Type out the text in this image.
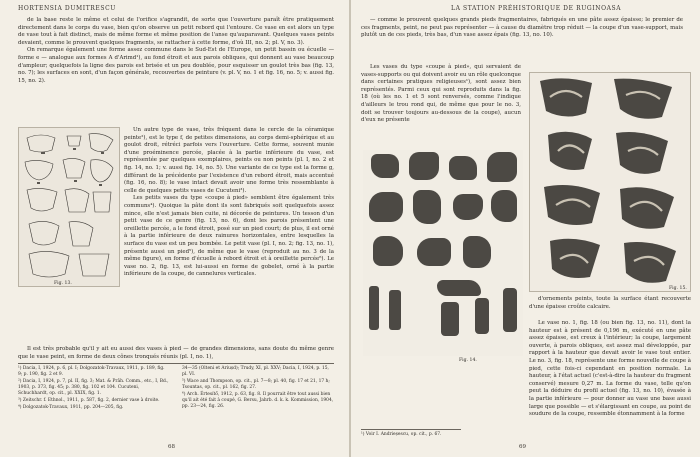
HORTENSIA DUMITRESCU

de la base reste le même et celui de l'orifice s'agrandit, de sorte que l'ouverture paraît être pratiquement directement dans le corps du vase, bien qu'on observe un petit rebord qui l'entoure. Ce vase en est alors un type de vase tout à fait distinct, mais de même forme et même position de l'anse qu'auparavant. Quelques vases peints devaient, comme le prouvent quelques fragments, se rattacher à cette forme, d'où III, no. 2; pl. V, no. 3).

On remarque également une forme assez commune dans le Sud-Est de l'Europe, un petit bassin ou écuelle — forme e — analogue aux formes A d'Arimd¹), au fond étroit et aux parois obliques, qui donnent au vase beaucoup d'ampleur; quelquefois la ligne des parois est brisée et un peu doublée, pour esquisser un goulot très bas (fig. 13, no. 7); les surfaces en sont, d'un façon générale, recouvertes de peinture (v. pl. V, no. 1 et fig. 16, no. 5; v. aussi fig. 15, no. 2).

Fig. 13.

Un autre type de vase, très fréquent dans le cercle de la céramique peinte²), est le type f, de petites dimensions, au corps demi-sphérique et au goulot droit, rétréci parfois vers l'ouverture. Cette forme, souvent munie d'une proéminence percée, placée à la partie inférieure du vase, est représentée par quelques exemplaires, peints ou non peints (pl. I, no. 2 et fig. 14, no. 1; v. aussi fig. 14, no. 5). Une variante de ce type est la forme g, différant de la précédente par l'existence d'un rebord étroit, mais accentué (fig. 16, no. 8); le vase intact devait avoir une forme très ressemblante à celle de quelques petits vases de Cucuteni³).

Les petits vases du type «coupe à pied» semblent être également très communs⁴). Quoique la pâte dont ils sont fabriqués soit quelquefois assez mince, elle n'est jamais bien cuite, ni décorée de peintures. Un tesson d'un petit vase de ce genre (fig. 13, no. 6), dont les parois présentent une oreillette percée, a le fond étroit, posé sur un pied court; de plus, il est orné à la partie inférieure de deux rainures horizontales, entre lesquelles la surface du vase est un peu bombée. Le petit vase (pl. I, no. 2; fig. 13, no. 1), présente aussi un pied⁵), de même que le vase (reproduit au no. 3 de la même figure), en forme d'écuelle à rebord étroit et à oreillette percée⁶). Le vase no. 2, fig. 13, est lui-aussi en forme de gobelet, orné à la partie inférieure de la coupe, de cannelures verticales.

Il est très probable qu'il y ait eu aussi des vases à pied — de grandes dimensions, sans doute du même genre que le vase peint, en forme de deux cônes tronqués réunis (pl. I, no. 1),

¹) Dacia, I, 1924, p. 6, pl. I; Dolgozatok-Travaux, 1911, p. 189, fig. 9; p. 190, fig. 2 et 9.

²) Dacia, I, 1924, p. 7, pl. II, fig. 3; Mat. & Prâh. Comm., etc., I, Bd., 1903, p. 373, fig. 45; p. 380, fig. 102 et 104. Cucuteni, Schuchhardt, op. cit., pl. XXIX, fig. 1.

³) Zeitschr. f. Ethnol., 1911, p. 587, fig. 2, dernier vase à droite.

⁴) Dolgozatok-Travaux, 1911, pp. 204—205, fig.

34—35 (Olteni et Ariușd); Trudy, XI, pl. XXV; Dacia, I, 1924, p. 15, pl. VI.

⁵) Wace and Thompson, op. cit., pl. 7—8; pl. 40, fig. 17 et 21, 17 h; Tsountas, op. cit., pl. 162, fig. 27.

⁶) Arch. Értesítő, 1912, p. 63, fig. 8. Il pourrait être tout aussi bien qu'il ait été fait à coupé, G. Bersu, Jahrb. d. k. k. Kommission, 1904, pp. 23—24, fig. 26.

68
LA STATION PRÉHISTORIQUE DE RUGINOASA

— comme le prouvent quelques grands pieds fragmentaires, fabriqués en une pâte assez épaisse; le premier de ces fragments, peint, ne peut pas représenter — à cause du diamètre trop réduit — la coupe d'un vase-support, mais plutôt un de ces pieds, très bas, d'un vase assez épais (fig. 13, no. 10).

Les vases du type «coupe à pied», qui servaient de vases-supports ou qui doivent avoir eu un rôle quelconque dans certaines pratiques religieuses¹), sont assez bien représentés. Parmi ceux qui sont reproduits dans la fig. 18 (où les no. 1 et 5 sont renversés, comme l'indique d'ailleurs le trou rond qui, de même que pour le no. 3, doit se trouver toujours au-dessous de la coupe), aucun d'eux ne présente

Fig. 15.
Fig. 14.

d'ornements peints, toute la surface étant recouverte d'une épaisse croûte calcaire.

Le vase no. 1, fig. 18 (ou bien fig. 13, no. 11), dont la hauteur est à présent de 0,196 m, exécuté en une pâte assez épaisse, est creux à l'intérieur; la coupe, largement ouverte, à parois obliques, est assez mal développée, par rapport à la hauteur que devait avoir le vase tout entier. Le no. 3, fig. 18, représente une forme nouvelle de coupe à pied, cette fois-ci cependant en position normale. La hauteur, à l'état actuel (c'est-à-dire la hauteur du fragment conservé) mesure 0,27 m. La forme du vase, telle qu'on peut la déduire du profil actuel (fig. 13, no. 10), évasée à la partie inférieure — pour donner au vase une base aussi large que possible — et s'élargissant en coupe, au point de soudure de la coupe, ressemble étonnamment à la forme

¹) Voir I. Andrieșescu, op. cit., p. 67.
69
